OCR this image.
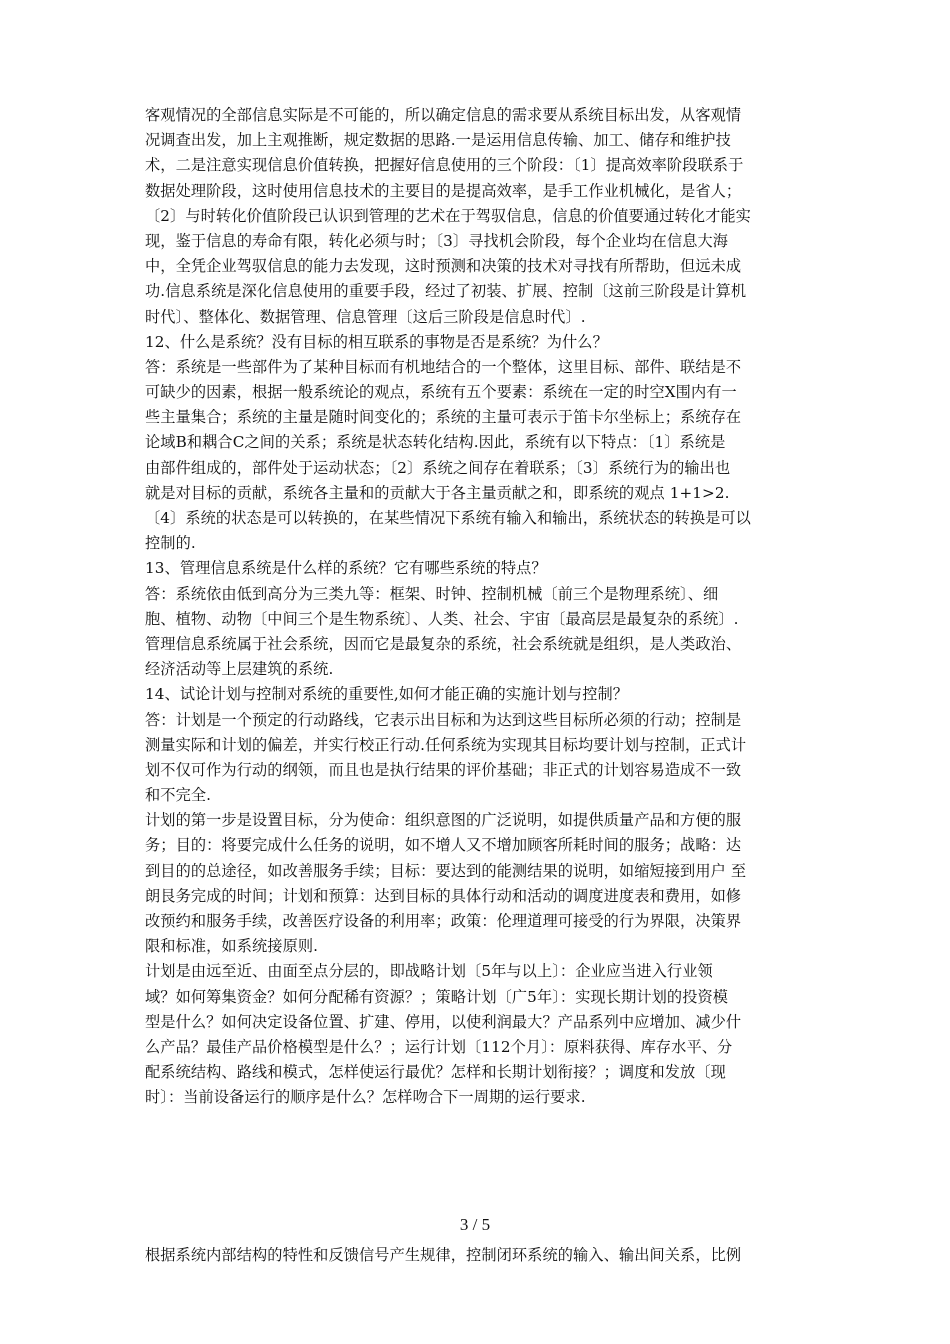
客观情况的全部信息实际是不可能的，所以确定信息的需求要从系统目标出发，从客观情
况调查出发，加上主观推断，规定数据的思路.一是运用信息传输、加工、储存和维护技
术，二是注意实现信息价值转换，把握好信息使用的三个阶段：〔1〕提高效率阶段联系于
数据处理阶段，这时使用信息技术的主要目的是提高效率，是手工作业机械化，是省人；
〔2〕与时转化价值阶段已认识到管理的艺术在于驾驭信息，信息的价值要通过转化才能实
现，鉴于信息的寿命有限，转化必须与时；〔3〕寻找机会阶段，每个企业均在信息大海
中，全凭企业驾驭信息的能力去发现，这时预测和决策的技术对寻找有所帮助，但远未成
功.信息系统是深化信息使用的重要手段，经过了初装、扩展、控制〔这前三阶段是计算机
时代〕、整体化、数据管理、信息管理〔这后三阶段是信息时代〕.
12、什么是系统？没有目标的相互联系的事物是否是系统？为什么？
答：系统是一些部件为了某种目标而有机地结合的一个整体，这里目标、部件、联结是不
可缺少的因素，根据一般系统论的观点，系统有五个要素：系统在一定的时空X围内有一
些主量集合；系统的主量是随时间变化的；系统的主量可表示于笛卡尔坐标上；系统存在
论域B和耦合C之间的关系；系统是状态转化结构.因此，系统有以下特点：〔1〕系统是
由部件组成的，部件处于运动状态；〔2〕系统之间存在着联系；〔3〕系统行为的输出也
就是对目标的贡献，系统各主量和的贡献大于各主量贡献之和，即系统的观点 1+1>2.
〔4〕系统的状态是可以转换的，在某些情况下系统有输入和输出，系统状态的转换是可以
控制的.
13、管理信息系统是什么样的系统？它有哪些系统的特点？
答：系统依由低到高分为三类九等：框架、时钟、控制机械〔前三个是物理系统〕、细
胞、植物、动物〔中间三个是生物系统〕、人类、社会、宇宙〔最高层是最复杂的系统〕.
管理信息系统属于社会系统，因而它是最复杂的系统，社会系统就是组织，是人类政治、
经济活动等上层建筑的系统.
14、试论计划与控制对系统的重要性,如何才能正确的实施计划与控制？
答：计划是一个预定的行动路线，它表示出目标和为达到这些目标所必须的行动；控制是
测量实际和计划的偏差，并实行校正行动.任何系统为实现其目标均要计划与控制，正式计
划不仅可作为行动的纲领，而且也是执行结果的评价基础；非正式的计划容易造成不一致
和不完全.
计划的第一步是设置目标，分为使命：组织意图的广泛说明，如提供质量产品和方便的服
务；目的：将要完成什么任务的说明，如不增人又不增加顾客所耗时间的服务；战略：达
到目的的总途径，如改善服务手续；目标：要达到的能测结果的说明，如缩短接到用户 至
朗艮务完成的时间；计划和预算：达到目标的具体行动和活动的调度进度表和费用，如修
改预约和服务手续，改善医疗设备的利用率；政策：伦理道理可接受的行为界限，决策界
限和标准，如系统接原则.
计划是由远至近、由面至点分层的，即战略计划〔5年与以上〕：企业应当进入行业领
域？如何筹集资金？如何分配稀有资源？；策略计划〔广5年〕：实现长期计划的投资模
型是什么？如何决定设备位置、扩建、停用，以使利润最大？产品系列中应增加、减少什
么产品？最佳产品价格模型是什么？；运行计划〔112个月〕：原料获得、库存水平、分
配系统结构、路线和模式，怎样使运行最优？怎样和长期计划衔接？；调度和发放〔现
时〕：当前设备运行的顺序是什么？怎样吻合下一周期的运行要求.
3 / 5
根据系统内部结构的特性和反馈信号产生规律，控制闭环系统的输入、输出间关系，比例
